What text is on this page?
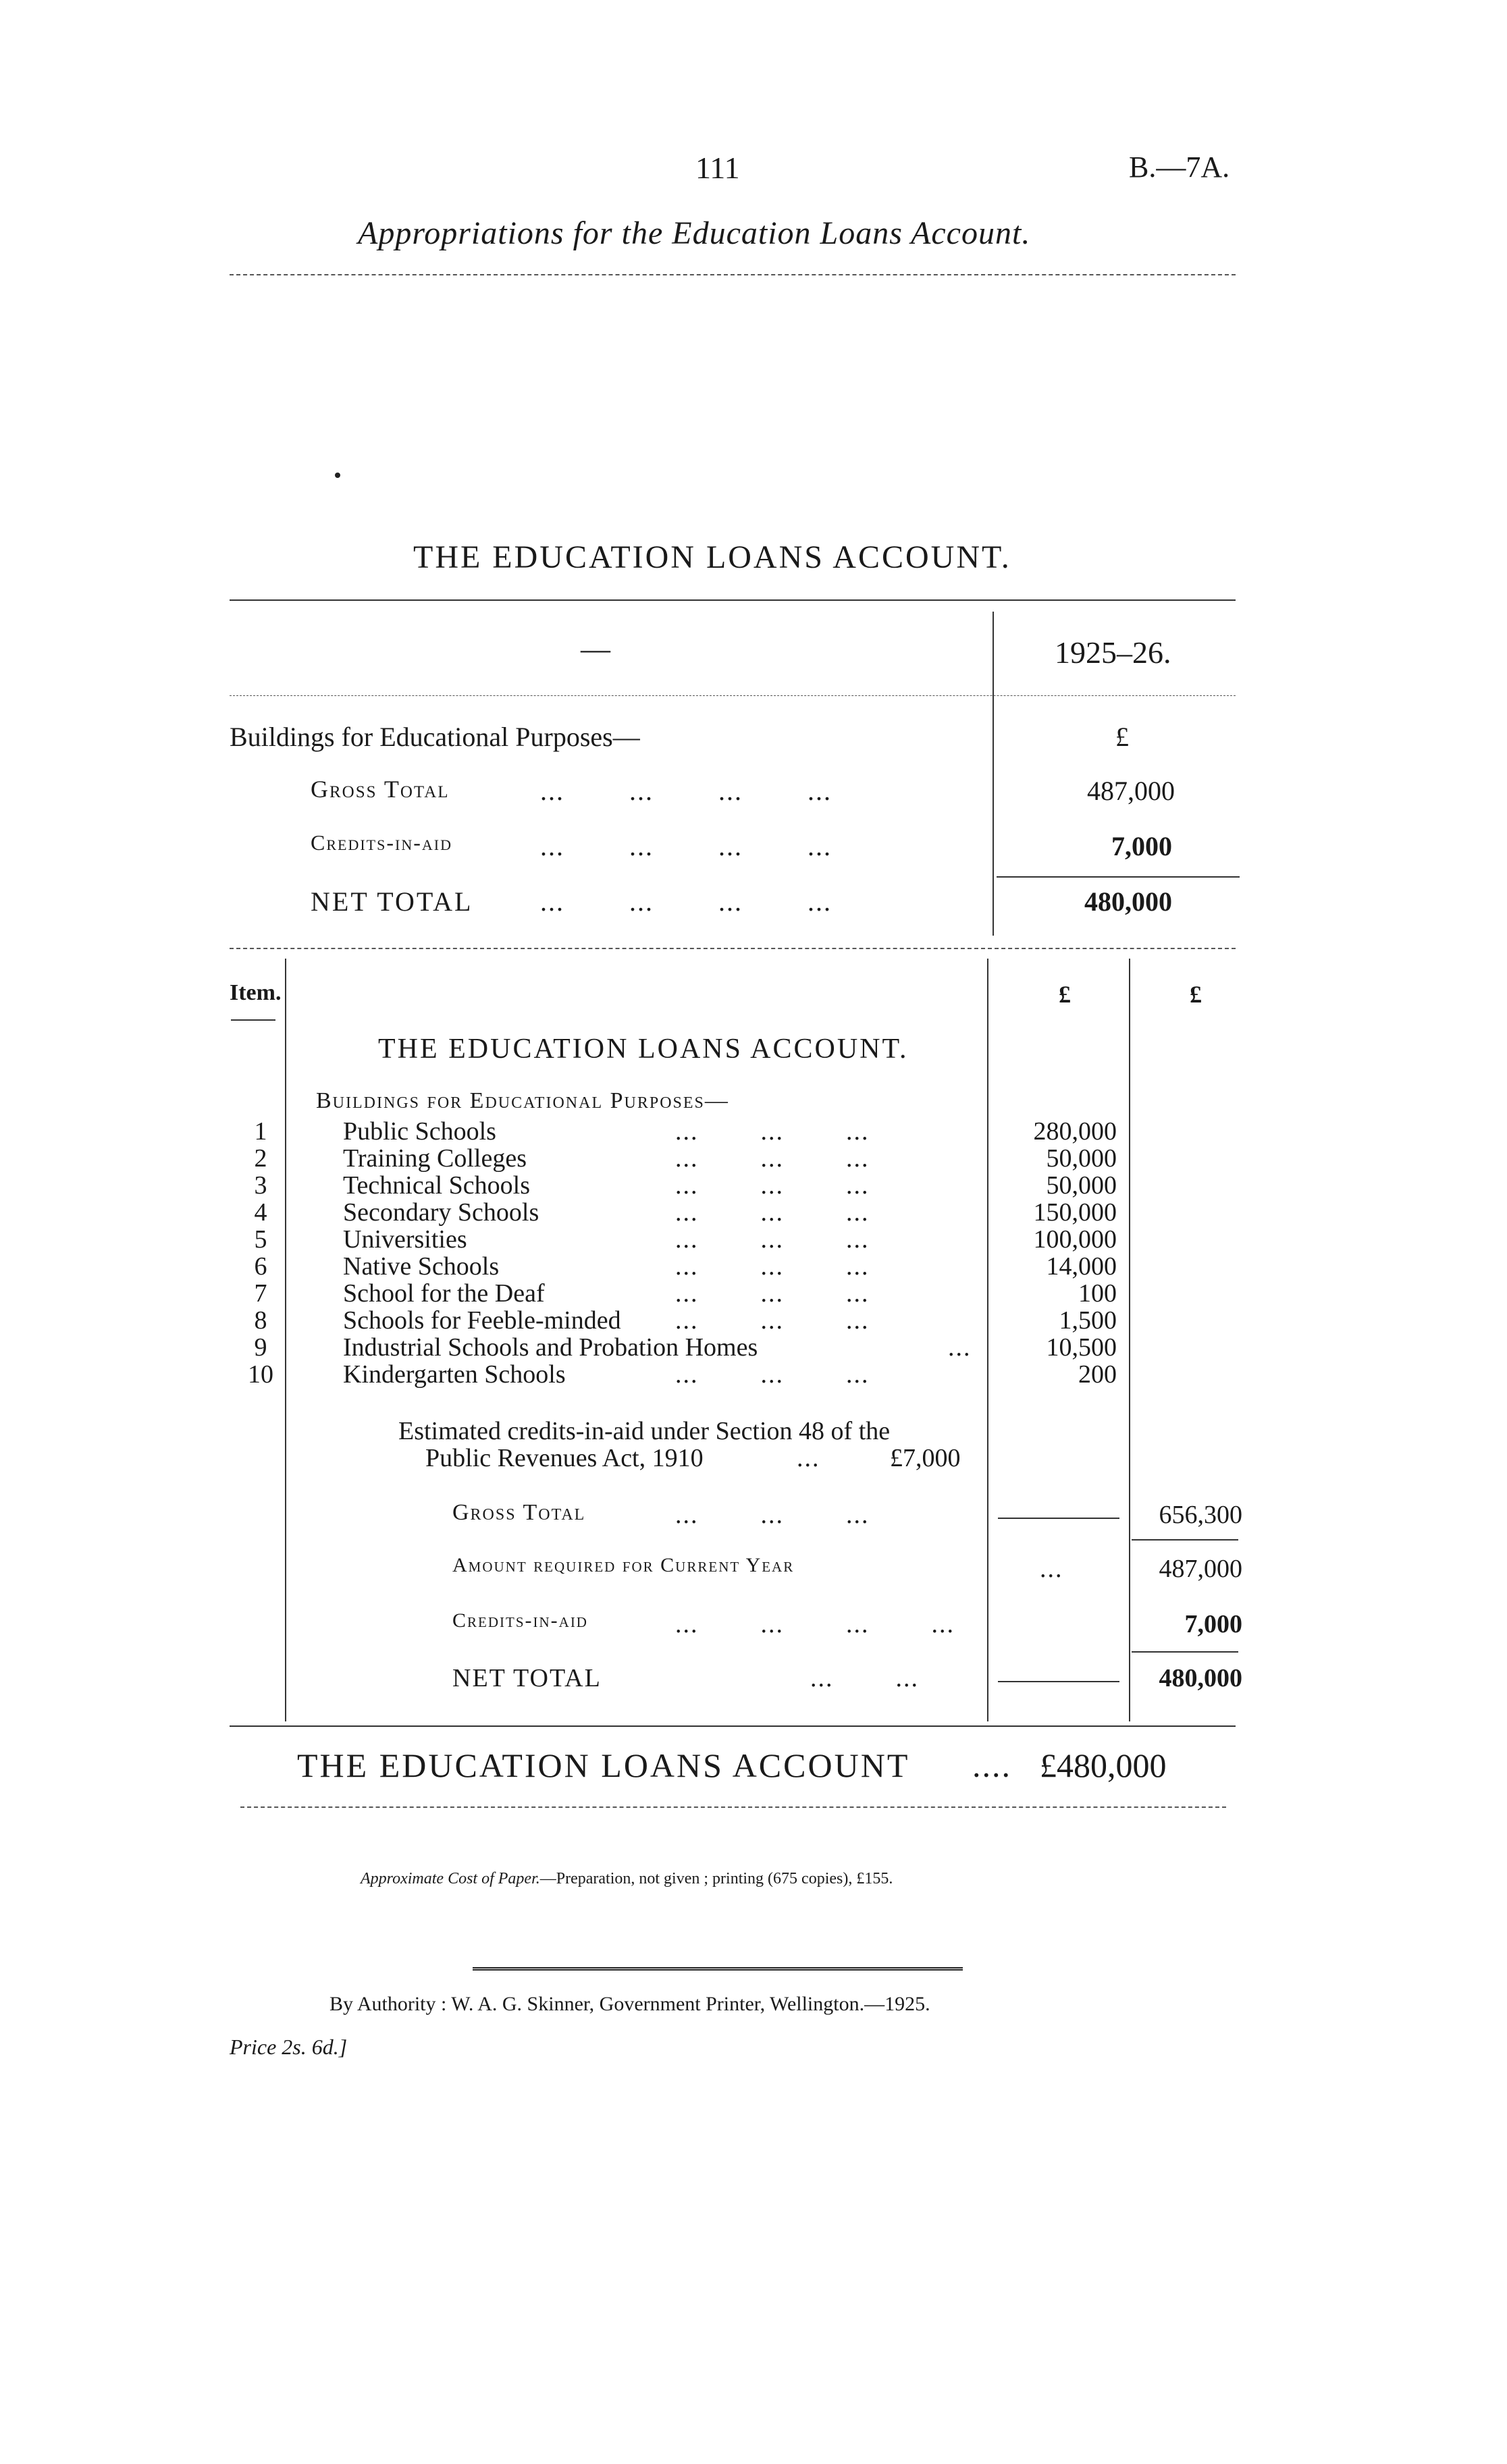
111	B.—7A.
Appropriations for the Education Loans Account.
THE EDUCATION LOANS ACCOUNT.
—	1925–26.
Buildings for Educational Purposes—	£
Gross Total	...        ...        ...        ...	487,000
Credits-in-aid	...        ...        ...        ...	7,000
NET TOTAL ...        ...        ...        ...	480,000
Item.	£	£
THE EDUCATION LOANS ACCOUNT.
Buildings for Educational Purposes—
1	Public Schools	...        ...        ...	280,000
2	Training Colleges	...        ...        ...	50,000
3	Technical Schools	...        ...        ...	50,000
4	Secondary Schools	...        ...        ...	150,000
5	Universities	...        ...        ...	100,000
6	Native Schools	...        ...        ...	14,000
7	School for the Deaf	...        ...        ...	100
8	Schools for Feeble-minded ...        ...        ...	1,500
9	Industrial Schools and Probation Homes	...	10,500
10	Kindergarten Schools	...        ...        ...	200
Estimated credits-in-aid under Section 48 of the
Public Revenues Act, 1910	...	£7,000
Gross Total	...        ...        ...	656,300
Amount required for Current Year	...	487,000
Credits-in-aid	...        ...        ...        ...	7,000
NET TOTAL	...        ...	480,000
THE EDUCATION LOANS ACCOUNT .... £480,000
Approximate Cost of Paper.—Preparation, not given ; printing (675 copies), £155.
By Authority : W. A. G. Skinner, Government Printer, Wellington.—1925.
Price 2s. 6d.]
